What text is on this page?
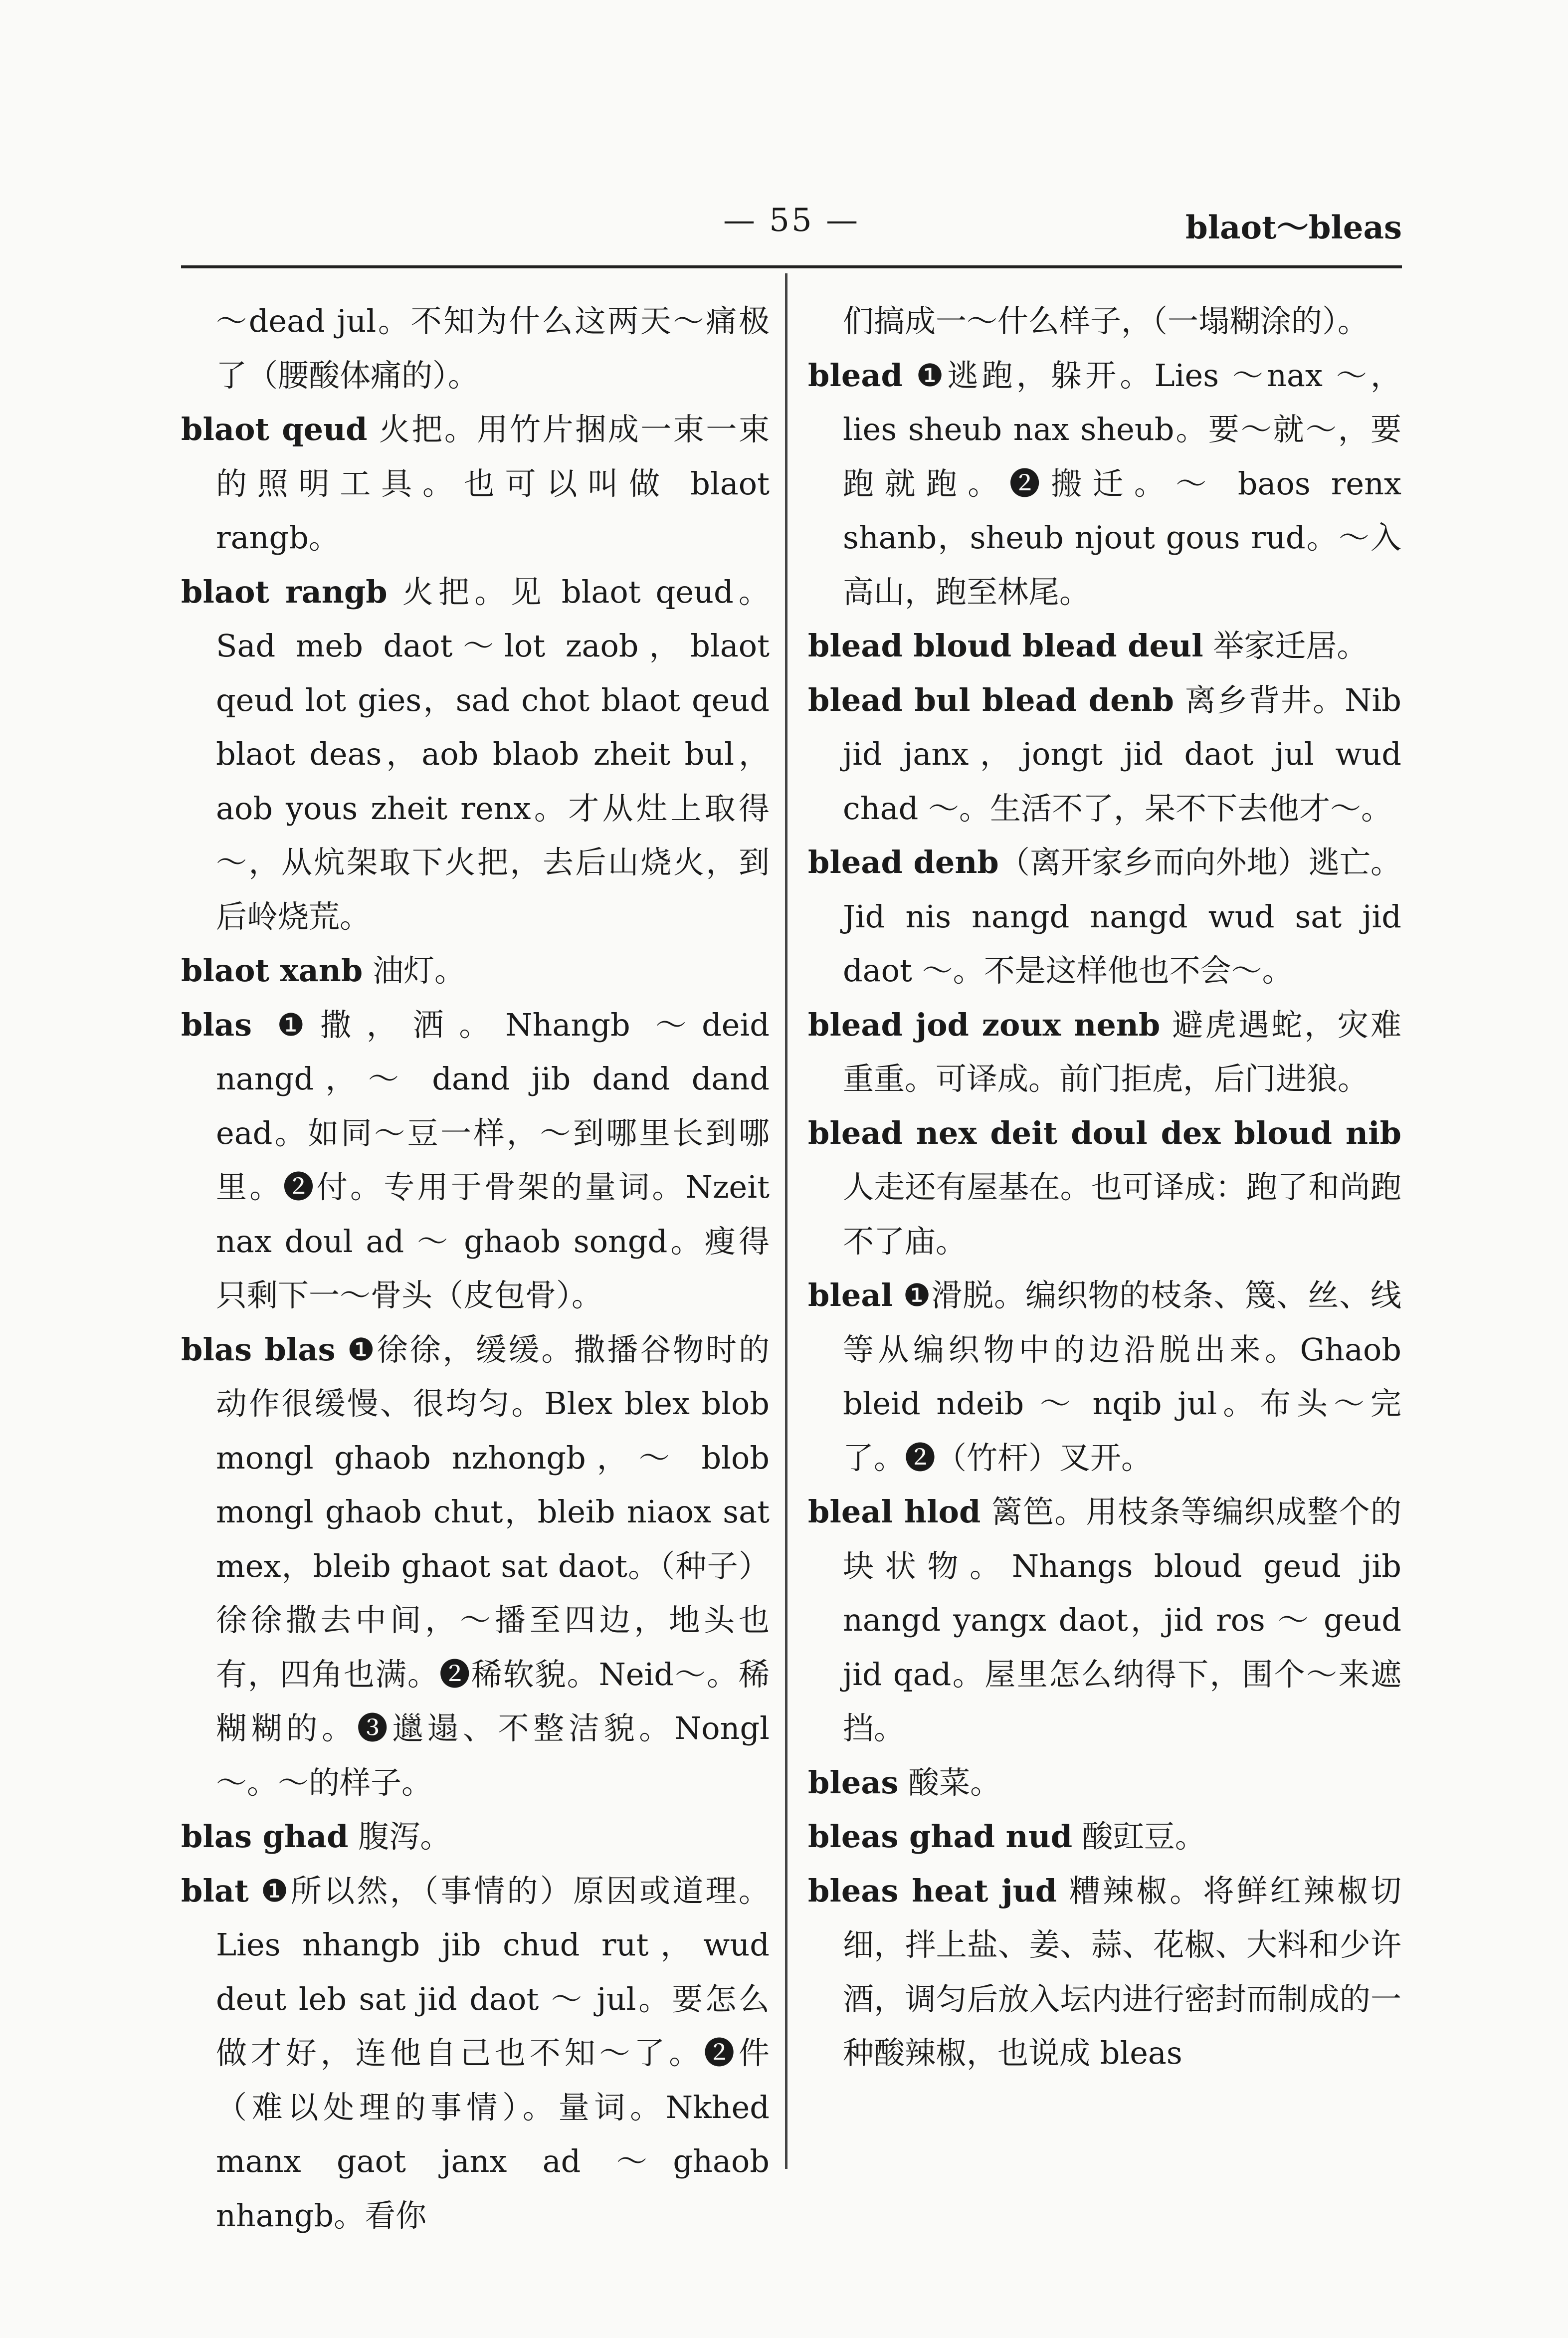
— 55 —	blaot～bleas

～dead jul。不知为什么这两天～痛极了（腰酸体痛的）。

blaot qeud 火把。用竹片捆成一束一束的照明工具。也可以叫做 blaot rangb。

blaot rangb 火把。见 blaot qeud。Sad meb daot～lot zaob，blaot qeud lot gies，sad chot blaot qeud blaot deas，aob blaob zheit bul，aob yous zheit renx。才从灶上取得～，从炕架取下火把，去后山烧火，到后岭烧荒。

blaot xanb 油灯。

blas ❶撒，洒。Nhangb ～deid nangd，～ dand jib dand dand ead。如同～豆一样，～到哪里长到哪里。❷付。专用于骨架的量词。Nzeit nax doul ad ～ ghaob songd。瘦得只剩下一～骨头（皮包骨）。

blas blas ❶徐徐，缓缓。撒播谷物时的动作很缓慢、很均匀。Blex blex blob mongl ghaob nzhongb，～ blob mongl ghaob chut，bleib niaox sat mex，bleib ghaot sat daot。（种子）徐徐撒去中间，～播至四边，地头也有，四角也满。❷稀软貌。Neid～。稀糊糊的。❸邋遢、不整洁貌。Nongl～。～的样子。

blas ghad 腹泻。

blat ❶所以然，（事情的）原因或道理。Lies nhangb jib chud rut，wud deut leb sat jid daot ～ jul。要怎么做才好，连他自己也不知～了。❷件（难以处理的事情）。量词。Nkhed manx gaot janx ad ～ghaob nhangb。看你

们搞成一～什么样子，（一塌糊涂的）。

blead ❶逃跑，躲开。Lies ～nax ～，lies sheub nax sheub。要～就～，要跑就跑。❷搬迁。～ baos renx shanb，sheub njout gous rud。～入高山，跑至林尾。

blead bloud blead deul 举家迁居。

blead bul blead denb 离乡背井。Nib jid janx，jongt jid daot jul wud chad ～。生活不了，呆不下去他才～。

blead denb（离开家乡而向外地）逃亡。Jid nis nangd nangd wud sat jid daot ～。不是这样他也不会～。

blead jod zoux nenb 避虎遇蛇，灾难重重。可译成。前门拒虎，后门进狼。

blead nex deit doul dex bloud nib 人走还有屋基在。也可译成：跑了和尚跑不了庙。

bleal ❶滑脱。编织物的枝条、篾、丝、线等从编织物中的边沿脱出来。Ghaob bleid ndeib ～ nqib jul。布头～完了。❷（竹杆）叉开。

bleal hlod 篱笆。用枝条等编织成整个的块状物。Nhangs bloud geud jib nangd yangx daot，jid ros ～ geud jid qad。屋里怎么纳得下，围个～来遮挡。

bleas 酸菜。

bleas ghad nud 酸豇豆。

bleas heat jud 糟辣椒。将鲜红辣椒切细，拌上盐、姜、蒜、花椒、大料和少许酒，调匀后放入坛内进行密封而制成的一种酸辣椒，也说成 bleas
